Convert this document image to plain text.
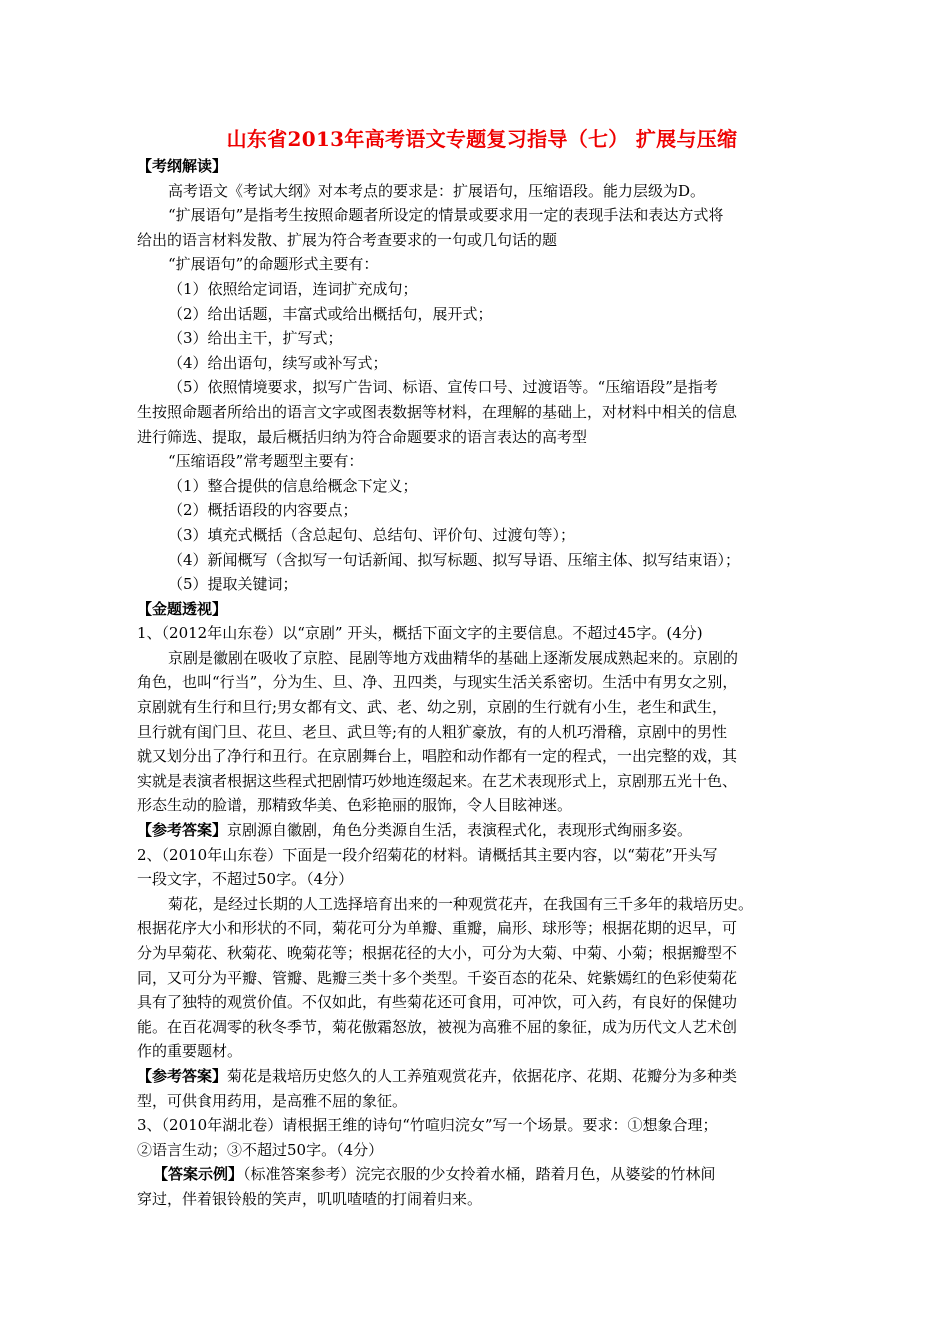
山东省2013年高考语文专题复习指导（七） 扩展与压缩

【考纲解读】

高考语文《考试大纲》对本考点的要求是：扩展语句，压缩语段。能力层级为D。

“扩展语句”是指考生按照命题者所设定的情景或要求用一定的表现手法和表达方式将

给出的语言材料发散、扩展为符合考查要求的一句或几句话的题

“扩展语句”的命题形式主要有：

（1）依照给定词语，连词扩充成句；

（2）给出话题，丰富式或给出概括句，展开式；

（3）给出主干，扩写式；

（4）给出语句，续写或补写式；

（5）依照情境要求，拟写广告词、标语、宣传口号、过渡语等。“压缩语段”是指考

生按照命题者所给出的语言文字或图表数据等材料，在理解的基础上，对材料中相关的信息

进行筛选、提取，最后概括归纳为符合命题要求的语言表达的高考型

“压缩语段”常考题型主要有：

（1）整合提供的信息给概念下定义；

（2）概括语段的内容要点；

（3）填充式概括（含总起句、总结句、评价句、过渡句等）；

（4）新闻概写（含拟写一句话新闻、拟写标题、拟写导语、压缩主体、拟写结束语）；

（5）提取关键词；

【金题透视】

1、（2012年山东卷）以“京剧” 开头，概括下面文字的主要信息。不超过45字。(4分)

京剧是徽剧在吸收了京腔、昆剧等地方戏曲精华的基础上逐渐发展成熟起来的。京剧的

角色，也叫“行当”，分为生、旦、净、丑四类，与现实生活关系密切。生活中有男女之别，

京剧就有生行和旦行;男女都有文、武、老、幼之别，京剧的生行就有小生，老生和武生，

旦行就有闺门旦、花旦、老旦、武旦等;有的人粗犷豪放，有的人机巧滑稽，京剧中的男性

就又划分出了净行和丑行。在京剧舞台上，唱腔和动作都有一定的程式，一出完整的戏，其

实就是表演者根据这些程式把剧情巧妙地连缀起来。在艺术表现形式上，京剧那五光十色、

形态生动的脸谱，那精致华美、色彩艳丽的服饰，令人目眩神迷。

【参考答案】京剧源自徽剧，角色分类源自生活，表演程式化，表现形式绚丽多姿。

2、（2010年山东卷）下面是一段介绍菊花的材料。请概括其主要内容，以“菊花”开头写

一段文字，不超过50字。（4分）

菊花，是经过长期的人工选择培育出来的一种观赏花卉，在我国有三千多年的栽培历史。

根据花序大小和形状的不同，菊花可分为单瓣、重瓣，扁形、球形等；根据花期的迟早，可

分为早菊花、秋菊花、晚菊花等；根据花径的大小，可分为大菊、中菊、小菊；根据瓣型不

同，又可分为平瓣、管瓣、匙瓣三类十多个类型。千姿百态的花朵、姹紫嫣红的色彩使菊花

具有了独特的观赏价值。不仅如此，有些菊花还可食用，可冲饮，可入药，有良好的保健功

能。在百花凋零的秋冬季节，菊花傲霜怒放，被视为高雅不屈的象征，成为历代文人艺术创

作的重要题材。

【参考答案】菊花是栽培历史悠久的人工养殖观赏花卉，依据花序、花期、花瓣分为多种类

型，可供食用药用，是高雅不屈的象征。

3、（2010年湖北卷）请根据王维的诗句“竹喧归浣女”写一个场景。要求：①想象合理；

②语言生动；③不超过50字。（4分）

【答案示例】（标准答案参考）浣完衣服的少女拎着水桶，踏着月色，从婆娑的竹林间

穿过，伴着银铃般的笑声，叽叽喳喳的打闹着归来。
